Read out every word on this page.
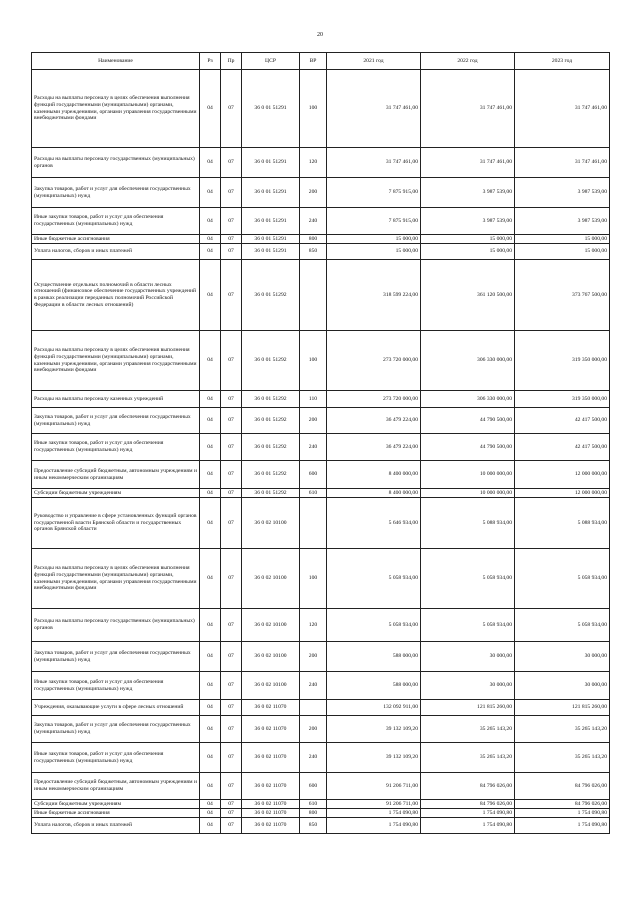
20
Наименование	Рз	Пр	ЦСР	ВР	2021 год	2022 год	2023 год
Расходы на выплаты персоналу в целях обеспечения выполнения функций государственными (муниципальными) органами, казенными учреждениями, органами управления государственными внебюджетными фондами	04	07	36 0 01 51291	100	31 747 461,00	31 747 461,00	31 747 461,00
Расходы на выплаты персоналу государственных (муниципальных) органов	04	07	36 0 01 51291	120	31 747 461,00	31 747 461,00	31 747 461,00
Закупка товаров, работ и услуг для обеспечения государственных (муниципальных) нужд	04	07	36 0 01 51291	200	7 875 915,00	3 987 539,00	3 987 539,00
Иные закупки товаров, работ и услуг для обеспечения государственных (муниципальных) нужд	04	07	36 0 01 51291	240	7 875 915,00	3 987 539,00	3 987 539,00
Иные бюджетные ассигнования	04	07	36 0 01 51291	800	15 000,00	15 000,00	15 000,00
Уплата налогов, сборов и иных платежей	04	07	36 0 01 51291	850	15 000,00	15 000,00	15 000,00
Осуществление отдельных полномочий в области лесных отношений (финансовое обеспечение государственных учреждений в рамках реализации переданных полномочий Российской Федерации в области лесных отношений)	04	07	36 0 01 51292		318 599 224,00	361 120 500,00	373 767 500,00
Расходы на выплаты персоналу в целях обеспечения выполнения функций государственными (муниципальными) органами, казенными учреждениями, органами управления государственными внебюджетными фондами	04	07	36 0 01 51292	100	273 720 000,00	306 330 000,00	319 350 000,00
Расходы на выплаты персоналу казенных учреждений	04	07	36 0 01 51292	110	273 720 000,00	306 330 000,00	319 350 000,00
Закупка товаров, работ и услуг для обеспечения государственных (муниципальных) нужд	04	07	36 0 01 51292	200	36 479 224,00	44 790 500,00	42 417 500,00
Иные закупки товаров, работ и услуг для обеспечения государственных (муниципальных) нужд	04	07	36 0 01 51292	240	36 479 224,00	44 790 500,00	42 417 500,00
Предоставление субсидий бюджетным, автономным учреждениям и иным некоммерческим организациям	04	07	36 0 01 51292	600	8 400 000,00	10 000 000,00	12 000 000,00
Субсидии бюджетным учреждениям	04	07	36 0 01 51292	610	8 400 000,00	10 000 000,00	12 000 000,00
Руководство и управление в сфере установленных функций органов государственной власти Брянской области и государственных органов Брянской области	04	07	36 0 02 10100		5 646 934,00	5 088 934,00	5 088 934,00
Расходы на выплаты персоналу в целях обеспечения выполнения функций государственными (муниципальными) органами, казенными учреждениями, органами управления государственными внебюджетными фондами	04	07	36 0 02 10100	100	5 058 934,00	5 058 934,00	5 058 934,00
Расходы на выплаты персоналу государственных (муниципальных) органов	04	07	36 0 02 10100	120	5 058 934,00	5 058 934,00	5 058 934,00
Закупка товаров, работ и услуг для обеспечения государственных (муниципальных) нужд	04	07	36 0 02 10100	200	588 000,00	30 000,00	30 000,00
Иные закупки товаров, работ и услуг для обеспечения государственных (муниципальных) нужд	04	07	36 0 02 10100	240	588 000,00	30 000,00	30 000,00
Учреждения, оказывающие услуги в сфере лесных отношений	04	07	36 0 02 11070		132 092 911,00	121 815 260,00	121 815 260,00
Закупка товаров, работ и услуг для обеспечения государственных (муниципальных) нужд	04	07	36 0 02 11070	200	39 132 109,20	35 265 143,20	35 265 143,20
Иные закупки товаров, работ и услуг для обеспечения государственных (муниципальных) нужд	04	07	36 0 02 11070	240	39 132 109,20	35 265 143,20	35 265 143,20
Предоставление субсидий бюджетным, автономным учреждениям и иным некоммерческим организациям	04	07	36 0 02 11070	600	91 206 711,00	84 796 026,00	84 796 026,00
Субсидии бюджетным учреждениям	04	07	36 0 02 11070	610	91 206 711,00	84 796 026,00	84 796 026,00
Иные бюджетные ассигнования	04	07	36 0 02 11070	800	1 754 090,80	1 754 090,80	1 754 090,80
Уплата налогов, сборов и иных платежей	04	07	36 0 02 11070	850	1 754 090,80	1 754 090,80	1 754 090,80
